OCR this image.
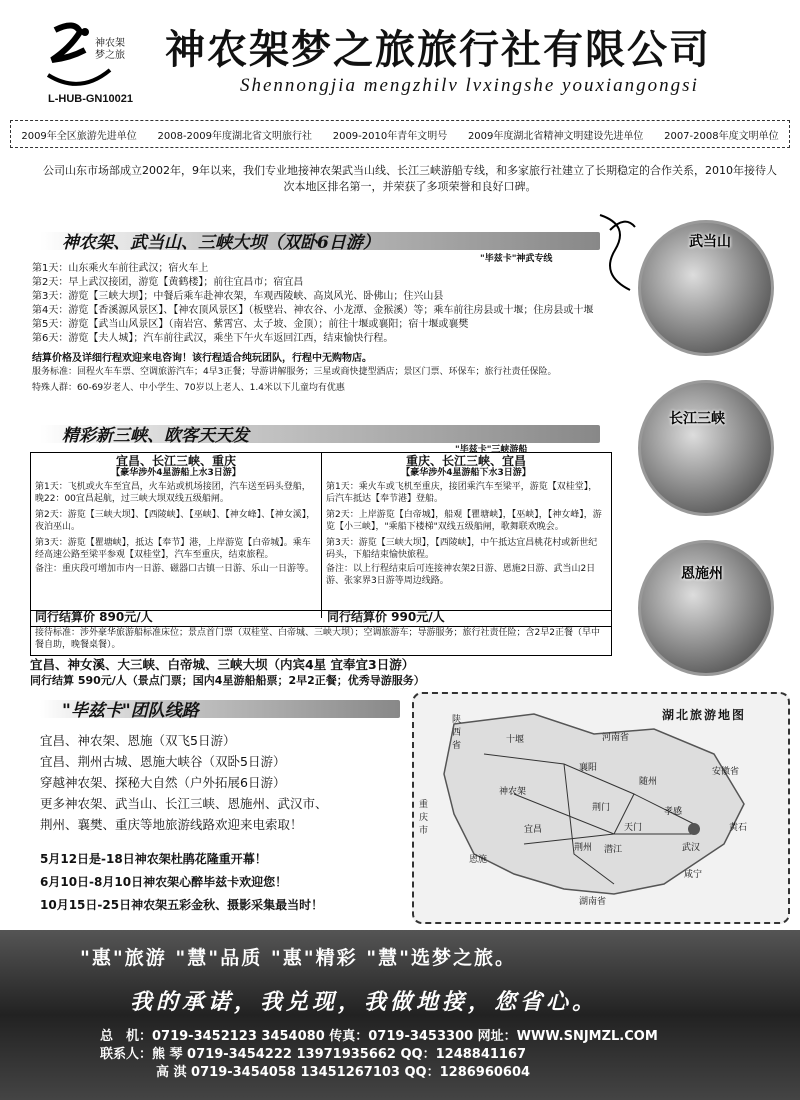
神农架
梦之旅
L-HUB-GN10021
神农架梦之旅旅行社有限公司
Shennongjia mengzhilv lvxingshe youxiangongsi
2009年全区旅游先进单位 2008-2009年度湖北省文明旅行社 2009-2010年青年文明号 2009年度湖北省精神文明建设先进单位 2007-2008年度文明单位
公司山东市场部成立2002年，9年以来，我们专业地接神农架武当山线、长江三峡游船专线，和多家旅行社建立了长期稳定的合作关系，2010年接待人次本地区排名第一，并荣获了多项荣誉和良好口碑。
神农架、武当山、三峡大坝（双卧6日游）
"毕兹卡"神武专线
第1天：山东乘火车前往武汉；宿火车上
第2天：早上武汉接团，游览【黄鹤楼】；前往宜昌市；宿宜昌
第3天：游览【三峡大坝】；中餐后乘车赴神农架，车观西陵峡、高岚风光、卧佛山；住兴山县
第4天：游览【香溪源风景区】、【神农顶风景区】（板壁岩、神农谷、小龙潭、金猴溪）等；乘车前往房县或十堰；住房县或十堰
第5天：游览【武当山风景区】（南岩宫、紫霄宫、太子坡、金顶）；前往十堰或襄阳；宿十堰或襄樊
第6天：游览【夫人城】；汽车前往武汉，乘坐下午火车返回江西，结束愉快行程。
结算价格及详细行程欢迎来电咨询！该行程适合纯玩团队，行程中无购物店。
服务标准：回程火车车票、空调旅游汽车；4早3正餐；导游讲解服务；三星或商快捷型酒店；景区门票、环保车；旅行社责任保险。
特殊人群：60-69岁老人、中小学生、70岁以上老人、1.4米以下儿童均有优惠
精彩新三峡、欧客天天发
"毕兹卡"三峡游船
宜昌、长江三峡、重庆
【豪华涉外4星游船上水3日游】
第1天：飞机或火车至宜昌，火车站或机场接团，汽车送至码头登船，晚22：00宜昌起航，过三峡大坝双线五级船闸。
第2天：游览【三峡大坝】、【西陵峡】、【巫峡】、【神女峰】、【神女溪】，夜泊巫山。
第3天：游览【瞿塘峡】，抵达【奉节】港，上岸游览【白帝城】。乘车经高速公路至梁平参观【双桂堂】，汽车至重庆，结束旅程。
备注：重庆段可增加市内一日游、磁器口古镇一日游、乐山一日游等。
重庆、长江三峡、宜昌
【豪华涉外4星游船下水3日游】
第1天：乘火车或飞机至重庆，接团乘汽车至梁平，游览【双桂堂】，后汽车抵达【奉节港】登船。
第2天：上岸游览【白帝城】，船观【瞿塘峡】，【巫峡】，【神女峰】，游览【小三峡】，"乘船下楼梯"双线五级船闸，歌舞联欢晚会。
第3天：游览【三峡大坝】，【西陵峡】，中午抵达宜昌桃花村或新世纪码头，下船结束愉快旅程。
备注：以上行程结束后可连接神农架2日游、恩施2日游、武当山2日游、张家界3日游等周边线路。
同行结算价 890元/人	同行结算价 990元/人
接待标准：涉外豪华旅游船标准床位；景点首门票（双桂堂、白帝城、三峡大坝）；空调旅游车；导游服务；旅行社责任险；含2早2正餐（早中餐自助，晚餐桌餐）。
宜昌、神女溪、大三峡、白帝城、三峡大坝（内宾4星 宜奉宜3日游）
同行结算 590元/人（景点门票；国内4星游船船票；2早2正餐；优秀导游服务）
武当山
长江三峡
恩施州
"毕兹卡"团队线路
宜昌、神农架、恩施（双飞5日游）
宜昌、荆州古城、恩施大峡谷（双卧5日游）
穿越神农架、探秘大自然（户外拓展6日游）
更多神农架、武当山、长江三峡、恩施州、武汉市、
荆州、襄樊、重庆等地旅游线路欢迎来电索取！
5月12日是-18日神农架杜鹃花隆重开幕！
6月10日-8月10日神农架心醉毕兹卡欢迎您！
10月15日-25日神农架五彩金秋、摄影采集最当时！
湖北旅游地图
陕西省
河南省
安徽省
重庆市
湖南省
十堰
襄阳
随州
孝感
荆门
武汉
黄石
咸宁
荆州
宜昌
恩施
神农架
天门
潜江
"惠"旅游 "慧"品质 "惠"精彩 "慧"选梦之旅。
我的承诺，我兑现，我做地接，您省心。
总　机：0719-3452123 3454080 传真：0719-3453300 网址：WWW.SNJMZL.COM
联系人：熊 琴 0719-3454222 13971935662 QQ：1248841167
高 淇 0719-3454058 13451267103 QQ：1286960604
